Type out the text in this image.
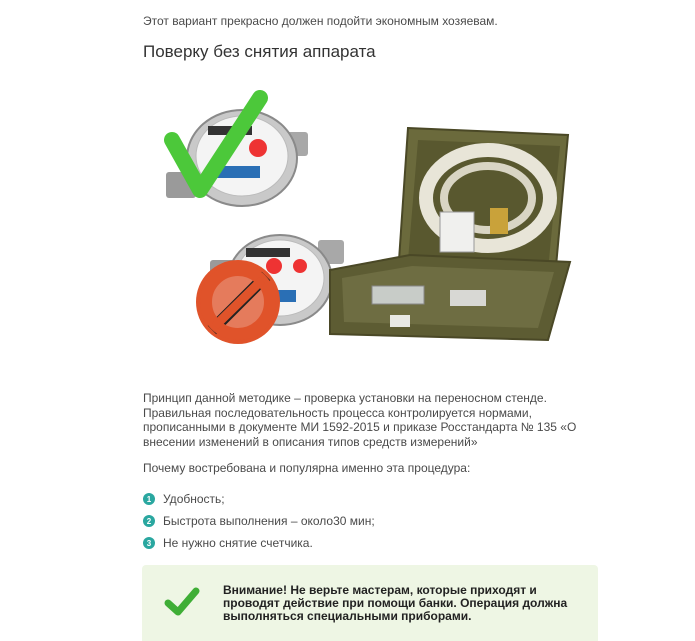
Этот вариант прекрасно должен подойти экономным хозяевам.
Поверку без снятия аппарата

Принцип данной методике – проверка установки на переносном стенде. Правильная последовательность процесса контролируется нормами, прописанными в документе МИ 1592-2015 и приказе Росстандарта № 135 «О внесении изменений в описания типов средств измерений»

Почему востребована и популярна именно эта процедура:

1 Удобность;
2 Быстрота выполнения – около30 мин;
3 Не нужно снятие счетчика.
Внимание! Не верьте мастерам, которые приходят и проводят действие при помощи банки. Операция должна выполняться специальными приборами.
